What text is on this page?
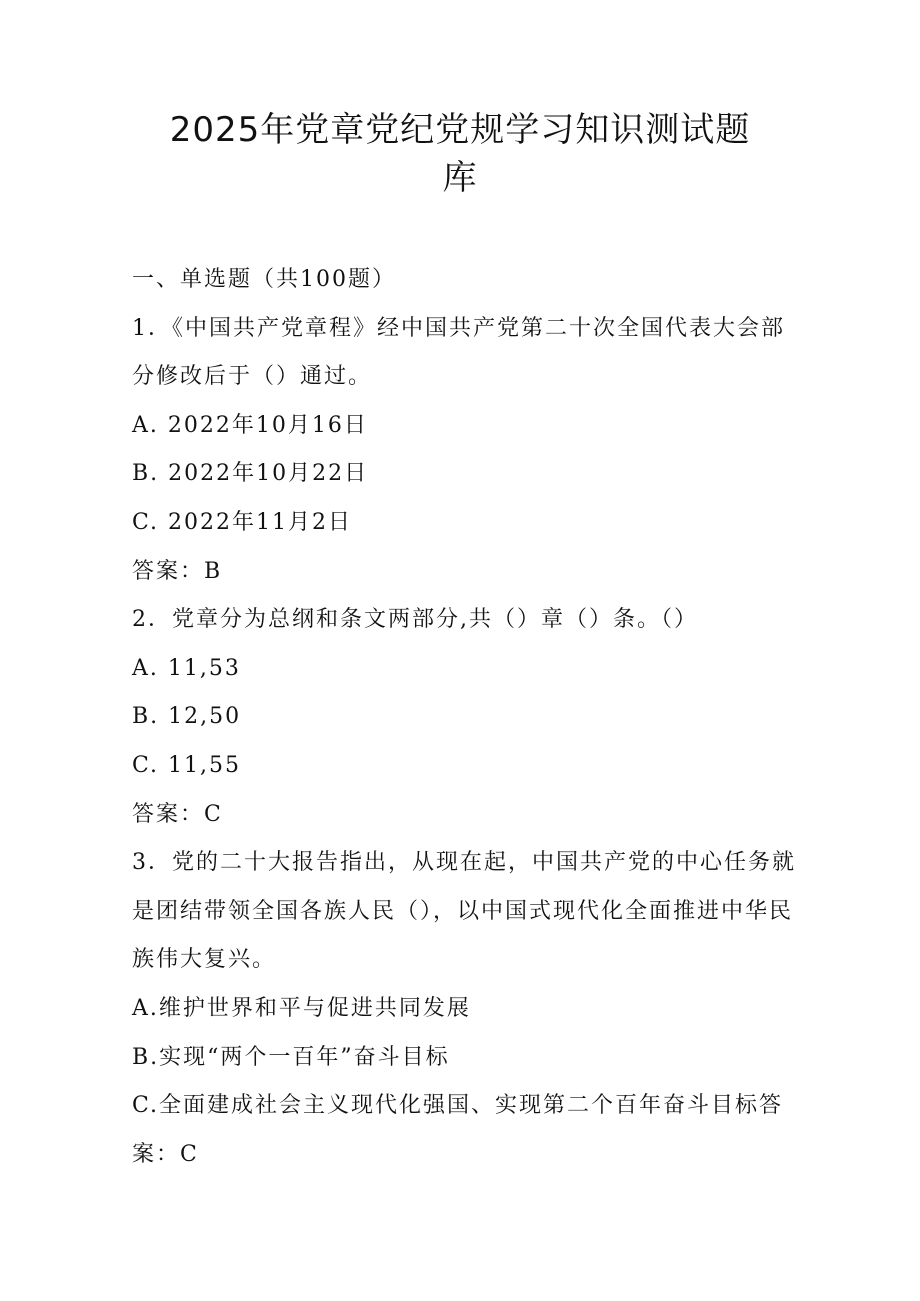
2025年党章党纪党规学习知识测试题
库
一、单选题（共100题）
1．《中国共产党章程》经中国共产党第二十次全国代表大会部
分修改后于（）通过。
A. 2022年10月16日
B. 2022年10月22日
C. 2022年11月2日
答案：B
2．党章分为总纲和条文两部分,共（）章（）条。（）
A. 11,53
B. 12,50
C. 11,55
答案：C
3．党的二十大报告指出，从现在起，中国共产党的中心任务就
是团结带领全国各族人民（），以中国式现代化全面推进中华民
族伟大复兴。
A.维护世界和平与促进共同发展
B.实现“两个一百年”奋斗目标
C.全面建成社会主义现代化强国、实现第二个百年奋斗目标答
案：C
